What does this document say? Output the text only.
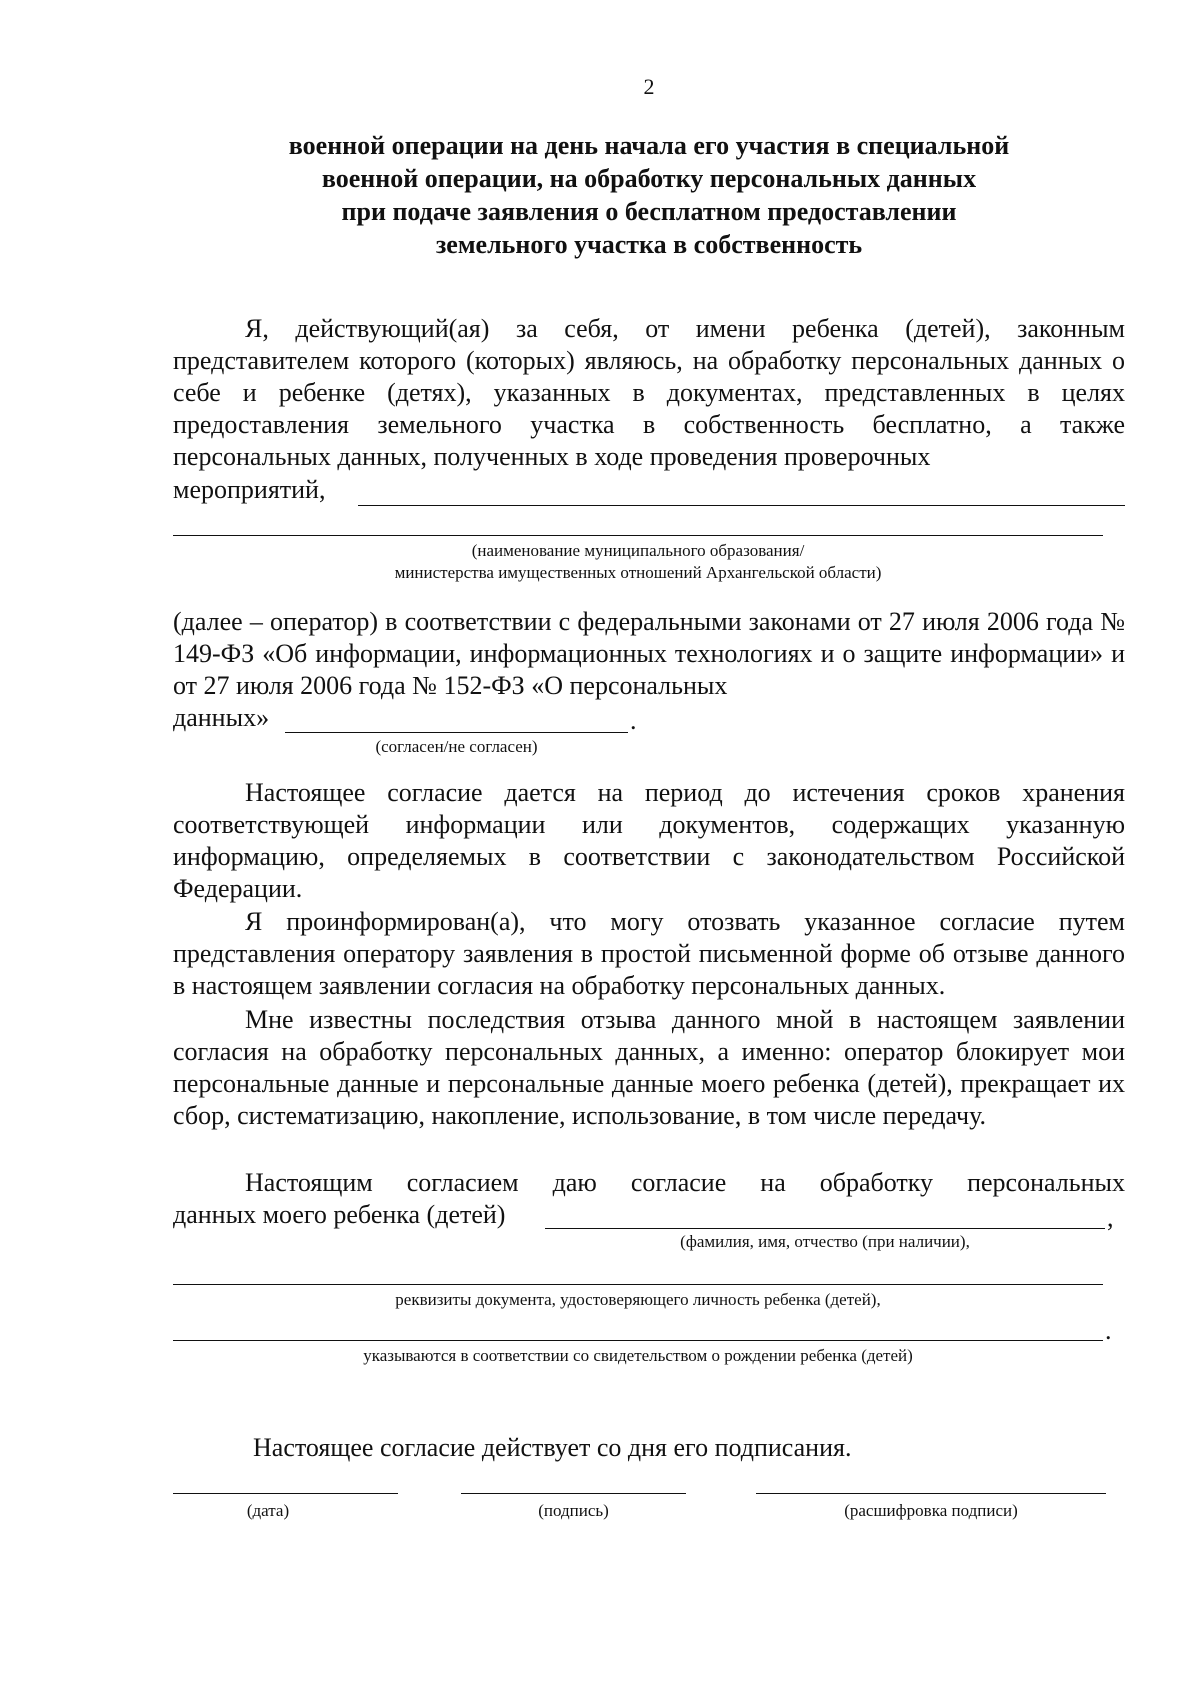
2
военной операции на день начала его участия в специальной
военной операции, на обработку персональных данных
при подаче заявления о бесплатном предоставлении
земельного участка в собственность
Я, действующий(ая) за себя, от имени ребенка (детей), законным представителем которого (которых) являюсь, на обработку персональных данных о себе и ребенке (детях), указанных в документах, представленных в целях предоставления земельного участка в собственность бесплатно, а также персональных данных, полученных в ходе проведения проверочных
мероприятий,
(наименование муниципального образования/
министерства имущественных отношений Архангельской области)
(далее – оператор) в соответствии с федеральными законами от 27 июля 2006 года № 149-ФЗ «Об информации, информационных технологиях и о защите информации» и от 27 июля 2006 года № 152-ФЗ «О персональных
данных»	.
(согласен/не согласен)
Настоящее согласие дается на период до истечения сроков хранения соответствующей информации или документов, содержащих указанную информацию, определяемых в соответствии с законодательством Российской Федерации.
Я проинформирован(а), что могу отозвать указанное согласие путем представления оператору заявления в простой письменной форме об отзыве данного в настоящем заявлении согласия на обработку персональных данных.
Мне известны последствия отзыва данного мной в настоящем заявлении согласия на обработку персональных данных, а именно: оператор блокирует мои персональные данные и персональные данные моего ребенка (детей), прекращает их сбор, систематизацию, накопление, использование, в том числе передачу.
Настоящим согласием даю согласие на обработку персональных
данных моего ребенка (детей)	,
(фамилия, имя, отчество (при наличии),
реквизиты документа, удостоверяющего личность ребенка (детей),
.
указываются в соответствии со свидетельством о рождении ребенка (детей)
Настоящее согласие действует со дня его подписания.
(дата)	(подпись)	(расшифровка подписи)
